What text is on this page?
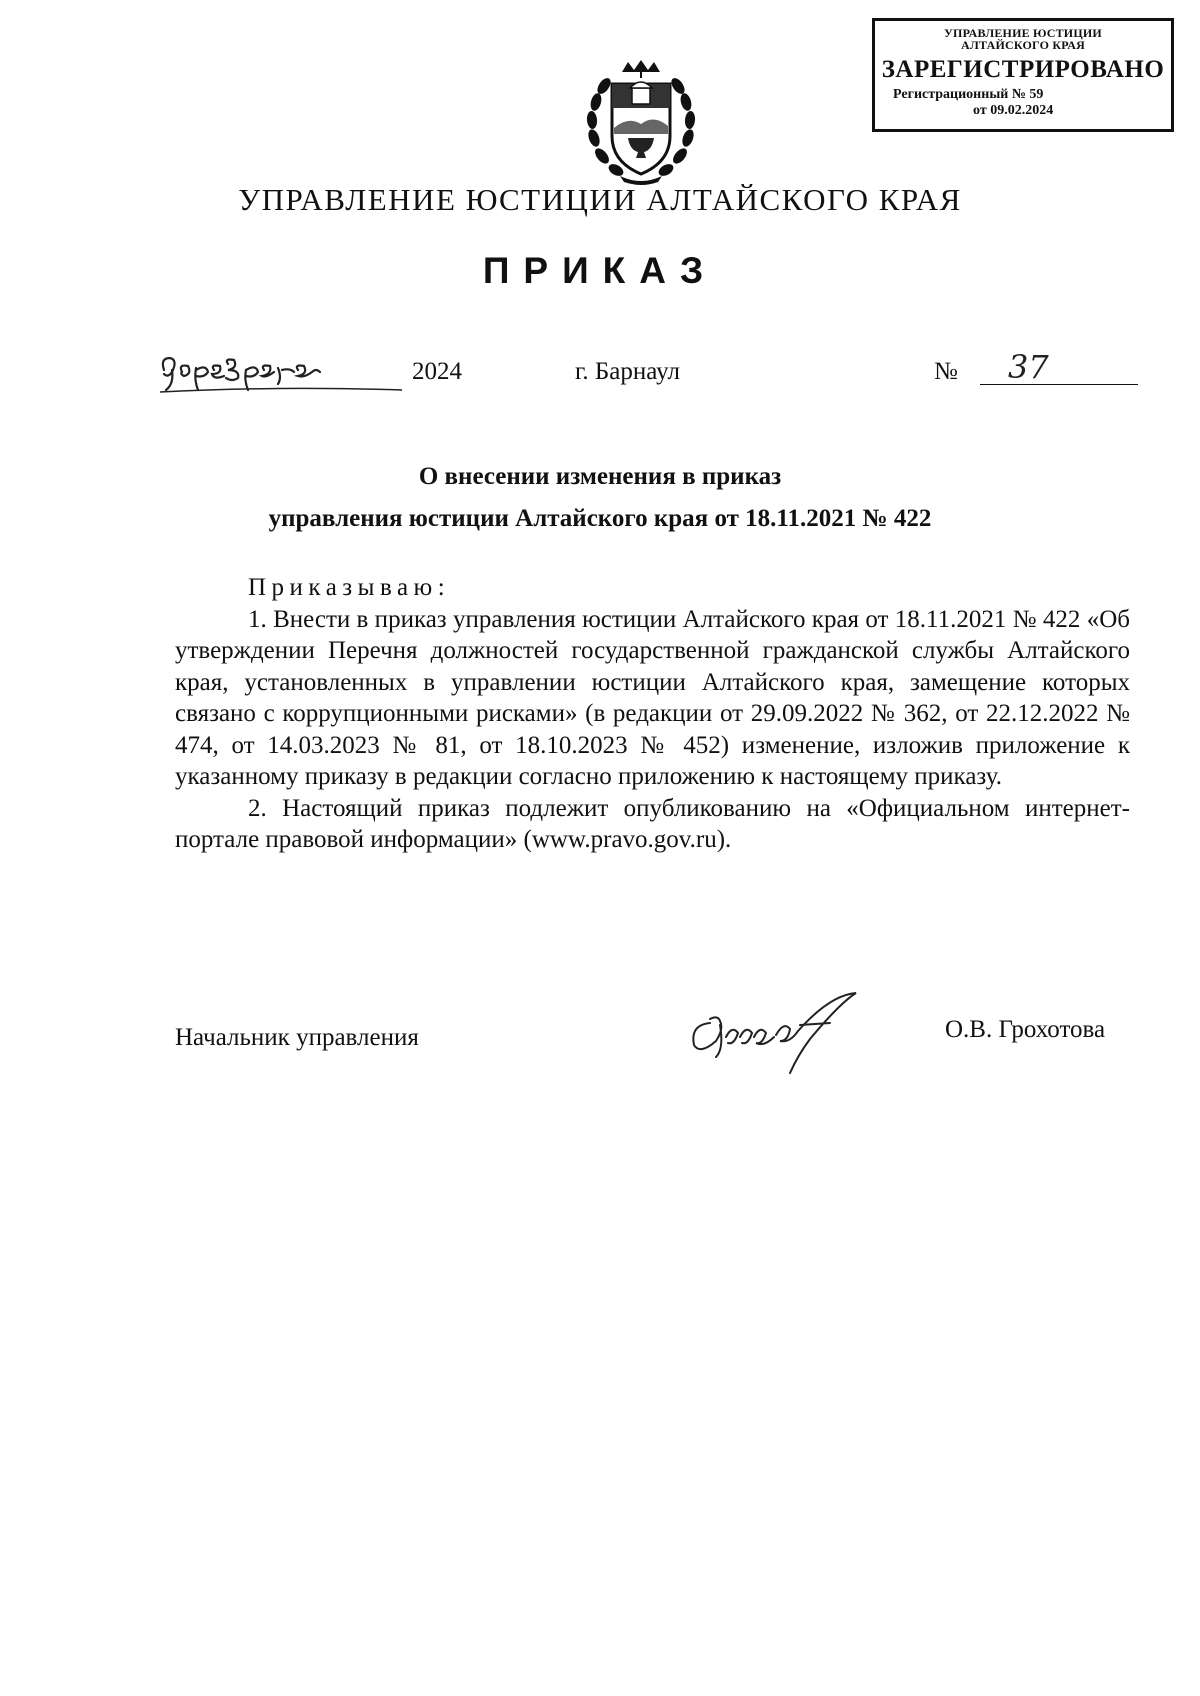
УПРАВЛЕНИЕ ЮСТИЦИИ
АЛТАЙСКОГО КРАЯ
ЗАРЕГИСТРИРОВАНО
Регистрационный № 59
от 09.02.2024
УПРАВЛЕНИЕ ЮСТИЦИИ АЛТАЙСКОГО КРАЯ
ПРИКАЗ
2024	г. Барнаул	№ 37
О внесении изменения в приказ
управления юстиции Алтайского края от 18.11.2021 № 422

Приказываю:

1. Внести в приказ управления юстиции Алтайского края от 18.11.2021 № 422 «Об утверждении Перечня должностей государственной гражданской службы Алтайского края, установленных в управлении юстиции Алтайского края, замещение которых связано с коррупционными рисками» (в редакции от 29.09.2022 № 362, от 22.12.2022 № 474, от 14.03.2023 № 81, от 18.10.2023 № 452) изменение, изложив приложение к указанному приказу в редакции согласно приложению к настоящему приказу.

2. Настоящий приказ подлежит опубликованию на «Официальном интернет-портале правовой информации» (www.pravo.gov.ru).

Начальник управления	О.В. Грохотова
